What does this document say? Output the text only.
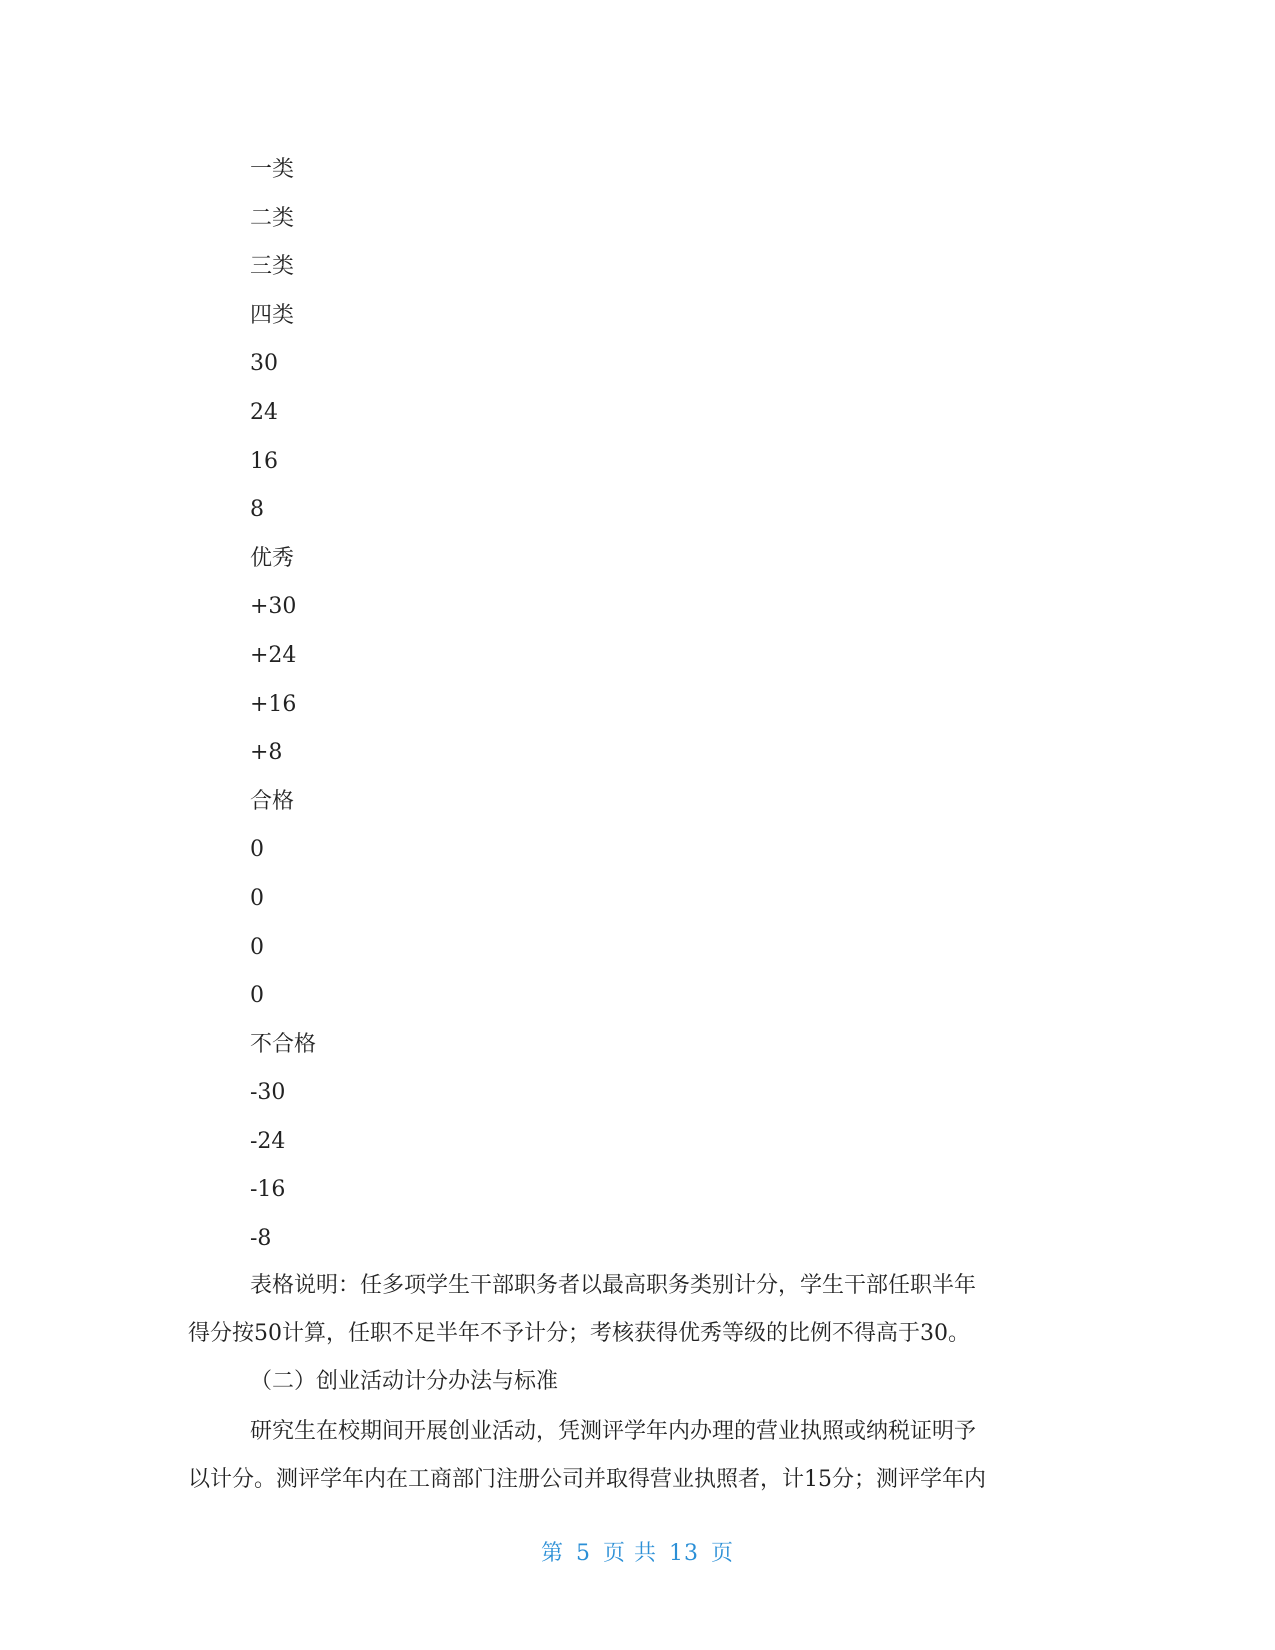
一类
二类
三类
四类
30
24
16
8
优秀
+30
+24
+16
+8
合格
0
0
0
0
不合格
-30
-24
-16
-8

表格说明：任多项学生干部职务者以最高职务类别计分，学生干部任职半年
得分按50计算，任职不足半年不予计分；考核获得优秀等级的比例不得高于30。

（二）创业活动计分办法与标准

研究生在校期间开展创业活动，凭测评学年内办理的营业执照或纳税证明予
以计分。测评学年内在工商部门注册公司并取得营业执照者，计15分；测评学年内

第 5 页 共 13 页
